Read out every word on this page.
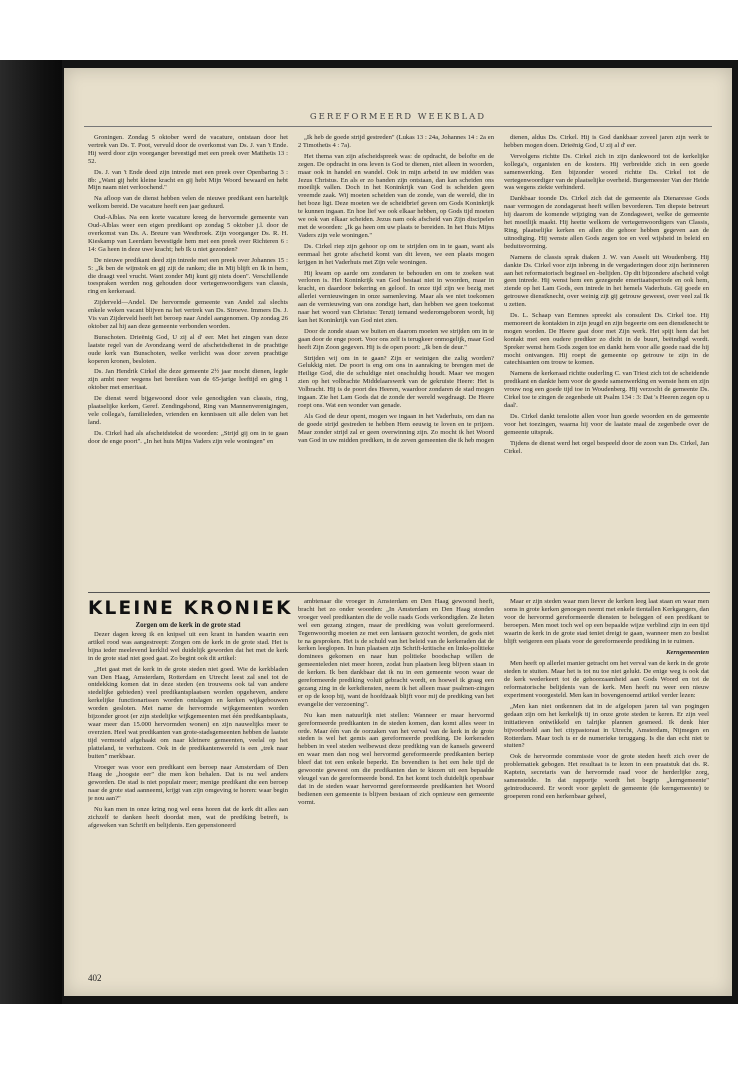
GEREFORMEERD WEEKBLAD

Groningen. Zondag 5 oktober werd de vacature, ontstaan door het vertrek van Ds. T. Poot, vervuld door de overkomst van Ds. J. van 't Ende. Hij werd door zijn voorganger bevestigd met een preek over Mattheüs 13 : 52.

Ds. J. van 't Ende deed zijn intrede met een preek over Openbaring 3 : 8b: „Want gij hebt kleine kracht en gij hebt Mijn Woord bewaard en hebt Mijn naam niet verloochend."

Na afloop van de dienst hebben velen de nieuwe predikant een hartelijk welkom bereid. De vacature heeft een jaar geduurd.

Oud-Alblas. Na een korte vacature kreeg de hervormde gemeente van Oud-Alblas weer een eigen predikant op zondag 5 oktober j.l. door de overkomst van Ds. A. Breure van Westbroek. Zijn voorganger Ds. R. H. Kieskamp van Leerdam bevestigde hem met een preek over Richteren 6 : 14: Ga heen in deze uwe kracht; heb Ik u niet gezonden?

De nieuwe predikant deed zijn intrede met een preek over Johannes 15 : 5: „Ik ben de wijnstok en gij zijt de ranken; die in Mij blijft en Ik in hem, die draagt veel vrucht. Want zonder Mij kunt gij niets doen". Verschillende toespraken werden nog gehouden door vertegenwoordigers van classis, ring en kerkeraad.

Zijderveld—Andel. De hervormde gemeente van Andel zal slechts enkele weken vacant blijven na het vertrek van Ds. Stroeve. Immers Ds. J. Vis van Zijderveld heeft het beroep naar Andel aangenomen. Op zondag 26 oktober zal hij aan deze gemeente verbonden worden.

Bunschoten. Drieënig God, U zij al d' eer. Met het zingen van deze laatste regel van de Avondzang werd de afscheidsdienst in de prachtige oude kerk van Bunschoten, welke verlicht was door zeven prachtige koperen kronen, besloten.

Ds. Jan Hendrik Cirkel die deze gemeente 2½ jaar mocht dienen, legde zijn ambt neer wegens het bereiken van de 65-jarige leeftijd en ging 1 oktober met emeritaat.

De dienst werd bijgewoond door vele genodigden van classis, ring, plaatselijke kerken, Geref. Zendingsbond, Ring van Mannenverenigingen, vele collega's, familieleden, vrienden en kennissen uit alle delen van het land.

Ds. Cirkel had als afscheidstekst de woorden: „Strijd gij om in te gaan door de enge poort". „In het huis Mijns Vaders zijn vele woningen" en

„Ik heb de goede strijd gestreden" (Lukas 13 : 24a, Johannes 14 : 2a en 2 Timotheüs 4 : 7a).

Het thema van zijn afscheidspreek was: de opdracht, de belofte en de zegen. De opdracht in ons leven is God te dienen, niet alleen in woorden, maar ook in handel en wandel. Ook in mijn arbeid in uw midden was Jezus Christus. En als er zo banden zijn ontstaan, dan kan scheiden ons moeilijk vallen. Doch in het Koninkrijk van God is scheiden geen vreemde zaak. Wij moeten scheiden van de zonde, van de wereld, die in het boze ligt. Deze moeten we de scheidbrief geven om Gods Koninkrijk te kunnen ingaan. En hoe lief we ook elkaar hebben, op Gods tijd moeten we ook van elkaar scheiden. Jezus nam ook afscheid van Zijn discipelen met de woorden: „Ik ga heen om uw plaats te bereiden. In het Huis Mijns Vaders zijn vele woningen."

Ds. Cirkel riep zijn gehoor op om te strijden om in te gaan, want als eenmaal het grote afscheid komt van dit leven, we een plaats mogen krijgen in het Vaderhuis met Zijn vele woningen.

Hij kwam op aarde om zondaren te behouden en om te zoeken wat verloren is. Het Koninkrijk van God bestaat niet in woorden, maar in kracht, en daardoor bekering en geloof. In onze tijd zijn we bezig met allerlei vernieuwingen in onze samenleving. Maar als we niet toekomen aan de vernieuwing van ons zondige hart, dan hebben we geen toekomst naar het woord van Christus: Tenzij iemand wederomgeboren wordt, hij kan het Koninkrijk van God niet zien.

Door de zonde staan we buiten en daarom moeten we strijden om in te gaan door de enge poort. Voor ons zelf is terugkeer onmogelijk, maar God heeft Zijn Zoon gegeven. Hij is de open poort: „Ik ben de deur."

Strijden wij om in te gaan? Zijn er weinigen die zalig worden? Gelukkig niet. De poort is eng om ons in aanraking te brengen met de Heilige God, die de schuldige niet onschuldig houdt. Maar we mogen zien op het volbrachte Middelaarswerk van de gekruiste Heere: Het is Volbracht. Hij is de poort des Heeren, waardoor zondaren de stad mogen ingaan. Zie het Lam Gods dat de zonde der wereld wegdraagt. De Heere roept ons. Wat een wonder van genade.

Als God de deur opent, mogen we ingaan in het Vaderhuis, om dan na de goede strijd gestreden te hebben Hem eeuwig te loven en te prijzen. Maar zonder strijd zal er geen overwinning zijn. Zo mocht ik het Woord van God in uw midden prediken, in de zeven gemeenten die ik heb mogen

dienen, aldus Ds. Cirkel. Hij is God dankbaar zoveel jaren zijn werk te hebben mogen doen. Drieënig God, U zij al d' eer.

Vervolgens richtte Ds. Cirkel zich in zijn dankwoord tot de kerkelijke kollega's, organisten en de kosters. Hij verbreidde zich in een goede samenwerking. Een bijzonder woord richtte Ds. Cirkel tot de vertegenwoordiger van de plaatselijke overheid. Burgemeester Van der Heide was wegens ziekte verhinderd.

Dankbaar toonde Ds. Cirkel zich dat de gemeente als Dienaresse Gods naar vermogen de zondagsrust heeft willen bevorderen. Ten diepste betreurt hij daarom de komende wijziging van de Zondagswet, welke de gemeente het moeilijk maakt. Hij heette welkom de vertegenwoordigers van Classis, Ring, plaatselijke kerken en allen die gehoor hebben gegeven aan de uitnodiging. Hij wenste allen Gods zegen toe en veel wijsheid in beleid en beduitsvorming.

Namens de classis sprak diaken J. W. van Asselt uit Woudenberg. Hij dankte Ds. Cirkel voor zijn inbreng in de vergaderingen door zijn herinneren aan het reformatorisch beginsel en -belijden. Op dit bijzondere afscheid volgt geen intrede. Hij wenst hem een gezegende emeritaatsperiode en ook hem, ziende op het Lam Gods, een intrede in het hemels Vaderhuis. Gij goede en getrouwe dienstknecht, over weinig zijt gij getrouw geweest, over veel zal Ik u zetten.

Ds. L. Schaap van Eemnes spreekt als consulent Ds. Cirkel toe. Hij memoreert de kontakten in zijn jeugd en zijn begeerte om een dienstknecht te mogen worden. De Heere gaat door met Zijn werk. Het spijt hem dat het kontakt met een oudere prediker zo dicht in de buurt, beëindigd wordt. Spreker wenst hem Gods zegen toe en dankt hem voor alle goede raad die hij mocht ontvangen. Hij roept de gemeente op getrouw te zijn in de catechisanten om trouw te komen.

Namens de kerkeraad richtte ouderling C. van Triest zich tot de scheidende predikant en dankte hem voor de goede samenwerking en wenste hem en zijn vrouw nog een goede tijd toe in Woudenberg. Hij verzocht de gemeente Ds. Cirkel toe te zingen de zegenbede uit Psalm 134 : 3: Dat 's Heeren zegen op u daal'.

Ds. Cirkel dankt tenslotte allen voor hun goede woorden en de gemeente voor het toezingen, waarna hij voor de laatste maal de zegenbede over de gemeente uitsprak.

Tijdens de dienst werd het orgel bespeeld door de zoon van Ds. Cirkel, Jan Cirkel.

KLEINE KRONIEK
Zorgen om de kerk in de grote stad

Dezer dagen kreeg ik en knipsel uit een krant in handen waarin een artikel rood was aangestreept: Zorgen om de kerk in de grote stad. Het is bijna ieder meelevend kerklid wel duidelijk geworden dat het met de kerk in de grote stad niet goed gaat. Zo begint ook dit artikel:

„Het gaat met de kerk in de grote steden niet goed. Wie de kerkbladen van Den Haag, Amsterdam, Rotterdam en Utrecht leest zal snel tot de ontdekking komen dat in deze steden (en trouwens ook tal van andere stedelijke gebieden) veel predikantsplaatsen worden opgeheven, andere kerkelijke functionarissen worden ontslagen en kerken wijkgebouwen worden gesloten. Met name de hervormde wijkgemeenten worden bijzonder groot (er zijn stedelijke wijkgemeenten met één predikantsplaats, waar meer dan 15.000 hervormden wonen) en zijn nauwelijks meer te overzien. Heel wat predikanten van grote-stadsgemeenten hebben de laatste tijd vermoeid afgehaakt om naar kleinere gemeenten, veelal op het platteland, te verhuizen. Ook in de predikantenwereld is een „trek naar buiten" merkbaar.

Vroeger was voor een predikant een beroep naar Amsterdam of Den Haag de „hoogste eer" die men kon behalen. Dat is nu wel anders geworden. De stad is niet populair meer; menige predikant die een beroep naar de grote stad aanneemt, krijgt van zijn omgeving te horen: waar begin je nou aan?"

Nu kan men in onze kring nog wel eens horen dat de kerk dit alles aan zichzelf te danken heeft doordat men, wat de prediking betreft, is afgeweken van Schrift en belijdenis. Een gepensioneerd

ambtenaar die vroeger in Amsterdam en Den Haag gewoond heeft, bracht het zo onder woorden: „In Amsterdam en Den Haag stonden vroeger veel predikanten die de volle raads Gods verkondigden. Ze lieten wel een gezang zingen, maar de prediking was voluit gereformeerd. Tegenwoordig moeten ze met een lantaarn gezocht worden, de gods niet te na gesproken. Het is de schuld van het beleid van de kerkeraden dat de kerken leeglopen. In hun plaatsen zijn Schrift-kritische en links-politieke dominees gekomen en naar hun politieke boodschap willen de gemeenteleden niet meer horen, zodat hun plaatsen leeg blijven staan in de kerken. Ik ben dankbaar dat ik nu in een gemeente woon waar de gereformeerde prediking voluit gebracht wordt, en hoewel ik graag een gezang zing in de kerkdiensten, neem ik het alleen maar psalmen-zingen er op de koop bij, want de hoofdzaak blijft voor mij de prediking van het evangelie der verzoening".

Nu kan men natuurlijk niet stellen: Wanneer er maar hervormd gereformeerde predikanten in de steden komen, dan komt alles weer in orde. Maar één van de oorzaken van het verval van de kerk in de grote steden is wel het gemis aan gereformeerde prediking. De kerkeraden hebben in veel steden welbewust deze prediking van de kansels geweerd en waar men dan nog wel hervormd gereformeerde predikanten beriep bleef dat tot een enkele beperkt. En bovendien is het een hele tijd de gewoonte geweest om die predikanten dan te kiezen uit een bepaalde vleugel van de gereformeerde bond. En het komt toch duidelijk openbaar dat in de steden waar hervormd gereformeerde predikanten het Woord bedienen een gemeente is blijven bestaan of zich opnieuw een gemeente vormt.

Maar er zijn steden waar men liever de kerken leeg laat staan en waar men soms in grote kerken genoegen neemt met enkele tientallen Kerkgangers, dan voor de hervormd gereformeerde diensten te beleggen of een predikant te beroepen. Men moet toch wel op een bepaalde wijze verblind zijn in een tijd waarin de kerk in de grote stad teniet dreigt te gaan, wanneer men zo beslist blijft weigeren een plaats voor de gereformeerde prediking in te ruimen.

Kerngemeenten

Men heeft op allerlei manier getracht om het verval van de kerk in de grote steden te stuiten. Maar het is tot nu toe niet gelukt. De enige weg is ook dat de kerk wederkeert tot de gehoorzaamheid aan Gods Woord en tot de reformatorische belijdenis van de kerk. Men heeft nu weer een nieuw experiment voorgesteld. Men kan in bovengenoemd artikel verder lezen:

„Men kan niet ontkennen dat in de afgelopen jaren tal van pogingen gedaan zijn om het kerkelijk tij in onze grote steden te keren. Er zijn veel initiatieven ontwikkeld en talrijke plannen gesmeed. Ik denk hier bijvoorbeeld aan het citypastoraat in Utrecht, Amsterdam, Nijmegen en Rotterdam. Maar toch is er de numerieke teruggang. Is die dan echt niet te stuiten?

Ook de hervormde commissie voor de grote steden heeft zich over de problematiek gebogen. Het resultaat is te lezen in een praatstuk dat ds. R. Kaptein, secretaris van de hervormde raad voor de herderlijke zorg, samenstelde. In dat rapportje wordt het begrip „kerngemeente" geïntroduceerd. Er wordt voor gepleit de gemeente (de kerngemeente) te groeperen rond een herkenbaar geheel,

402
